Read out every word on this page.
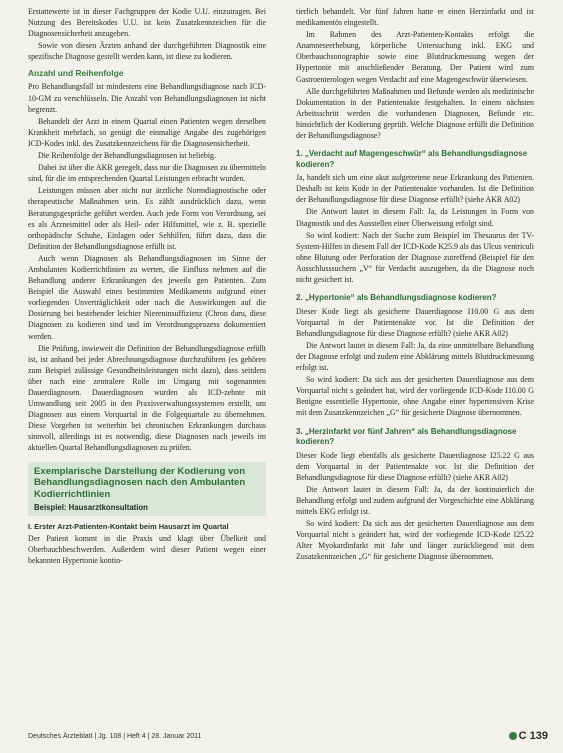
Erstattewerte ist in dieser Fachgruppen der Kodie U.U. einzutragen. Bei Nutzung des Bereitskodes U.U. ist kein Zusatzkennzeichen für die Diagnosensicherheit anzugeben.

Sowie von diesen Ärzten anhand der durchgeführten Diagnostik eine spezifische Diagnose gestellt werden kann, ist diese zu kodieren.

Anzahl und Reihenfolge

Pro Behandlungsfall ist mindestens eine Behandlungsdiagnose nach ICD-10-GM zu verschlüsseln. Die Anzahl von Behandlungsdiagnosen ist nicht begrenzt.

Behandelt der Arzt in einem Quartal einen Patienten wegen derselben Krankheit mehrfach, so genügt die einmalige Angabe des zugehörigen ICD-Kodes inkl. des Zusatzkennzeichens für die Diagnosensicherheit.

Die Reihenfolge der Behandlungsdiagnosen ist beliebig.

Dabei ist über die AKR geregelt, dass nur die Diagnosen zu übermitteln sind, für die im entsprechenden Quartal Leistungen erbracht wurden.

Leistungen müssen aber nicht nur ärztliche Normdiagnostische oder therapeutische Maßnahmen sein. Es zählt ausdrücklich dazu, wenn Beratungsgespräche geführt werden. Auch jede Form von Verordnung, sei es als Arzneimittel oder als Heil- oder Hilfsmittel, wie z. B. spezielle orthopädische Schuhe, Einlagen oder Sehhilfen, führt dazu, dass die Definition der Behandlungsdiagnose erfüllt ist.

Auch wenn Diagnosen als Behandlungsdiagnosen im Sinne der Ambulanten Kodierrichtlinien zu werten, die Einfluss nehmen auf die Behandlung anderer Erkrankungen des jeweils gen Patienten. Zum Beispiel die Auswahl eines bestimmten Medikaments aufgrund einer vorliegenden Unverträglichkeit oder nach die Auswirkungen auf die Dosierung bei bestehender leichter Niereninsuffizienz (Chron daru, diese Diagnosen zu kodieren sind und im Verordnungsprozess dokumentiert werden.

Die Prüfung, inwieweit die Definition der Behandlungsdiagnose erfüllt ist, ist anhand bei jeder Abrechnungsdiagnose durchzuführen (es gehören zum Beispiel zulässige Gesundheitsleistungen nicht dazu), dass seitdem über nach eine zentralere Rolle im Umgang mit sogenannten Dauerdiagnosen. Dauerdiagnosen wurden als ICD-zehnte mit Umwandlung seit 2005 in den Praxisverwaltungssystemen erstellt, um Diagnosen aus einem Vorquartal in die Folgequartale zu übernehmen. Diese Vorgehen ist weiterhin bei chronischen Erkrankungen durchaus sinnvoll, allerdings ist es notwendig, diese Diagnosen nach jeweils im aktuellen Quartal Behandlungsdiagnosen zu prüfen.

Exemplarische Darstellung der Kodierung von Behandlungsdiagnosen nach den Ambulanten Kodierrichtlinien
Beispiel: Hausarztkonsultation
I. Erster Arzt-Patienten-Kontakt beim Hausarzt im Quartal

Der Patient kommt in die Praxis und klagt über Übelkeit und Oberbauchbeschwerden. Außerdem wird dieser Patient wegen einer bekannten Hypertonie kontin-

tierlich behandelt. Vor fünf Jahren hatte er einen Herzinfarkt und ist medikamentös eingestellt.

Im Rahmen des Arzt-Patienten-Kontakts erfolgt die Anamneseerhebung, körperliche Untersuchung inkl. EKG und Oberbauchsonographie sowie eine Blutdruckmessung wegen der Hypertonie mit anschließender Beratung. Der Patient wird zum Gastroenterologen wegen Verdacht auf eine Magengeschwür überwiesen.

Alle durchgeführten Maßnahmen und Befunde werden als medizinische Dokumentation in der Patientenakte festgehalten. In einem nächsten Arbeitsschritt werden die vorhandenen Diagnosen, Befunde etc. hinsichtlich der Kodierung geprüft. Welche Diagnose erfüllt die Definition der Behandlungsdiagnose?

1. „Verdacht auf Magengeschwür“ als Behandlungsdiagnose kodieren?

Ja, handelt sich um eine akut aufgetretene neue Erkrankung des Patienten. Deshalb ist kein Kode in der Patientenakte vorhanden. Ist die Definition der Behandlungsdiagnose für diese Diagnose erfüllt? (siehe AKR A02)

Die Antwort lautet in diesem Fall: Ja, da Leistungen in Form von Diagnostik und des Ausstellen einer Überweisung erfolgt sind.

So wird kodiert: Nach der Suche zum Beispiel im Thesaurus der TV-System-Hilfen in diesem Fall der ICD-Kode K25.9 als das Ulcus ventriculi ohne Blutung oder Perforation der Diagnose zutreffend (Beispiel für den Ausschlusssuchern „V“ für Verdacht auszugeben, da die Diagnose noch nicht gesichert ist.

2. „Hypertonie“ als Behandlungsdiagnose kodieren?

Dieser Kode liegt als gesicherte Dauerdiagnose I10.00 G aus dem Vorquartal in der Patientenakte vor. Ist die Definition der Behandlungsdiagnose für diese Diagnose erfüllt? (siehe AKR A02)

Die Antwort lautet in diesem Fall: Ja, da eine unmittelbare Behandlung der Diagnose erfolgt und zudem eine Abklärung mittels Blutdruckmessung erfolgt ist.

So wird kodiert: Da sich aus der gesicherten Dauerdiagnose aus dem Vorquartal nicht s geändert hat, wird der vorliegende ICD-Kode I10.00 G Benigne essentielle Hypertonie, ohne Angabe einer hypertensiven Krise mit dem Zusatzkennzeichen „G“ für gesicherte Diagnose übernommen.

3. „Herzinfarkt vor fünf Jahren“ als Behandlungsdiagnose kodieren?

Dieser Kode liegt ebenfalls als gesicherte Dauerdiagnose I25.22 G aus dem Vorquartal in der Patientenakte vor. Ist die Definition der Behandlungsdiagnose für diese Diagnose erfüllt? (siehe AKR A02)

Die Antwort lautet in diesem Fall: Ja, da der kontinuierlich die Behandlung erfolgt und zudem aufgrund der Vorgeschichte eine Abklärung mittels EKG erfolgt ist.

So wird kodiert: Da sich aus der gesicherten Dauerdiagnose aus dem Vorquartal nicht s geändert hat, wird der vorliegende ICD-Kode I25.22 Alter Myokardinfarkt mit Jahr und länger zurückliegend mit dem Zusatzkennzeichen „G“ für gesicherte Diagnose übernommen.

Deutsches Ärzteblatt | Jg. 108 | Heft 4 | 28. Januar 2011	C 139
